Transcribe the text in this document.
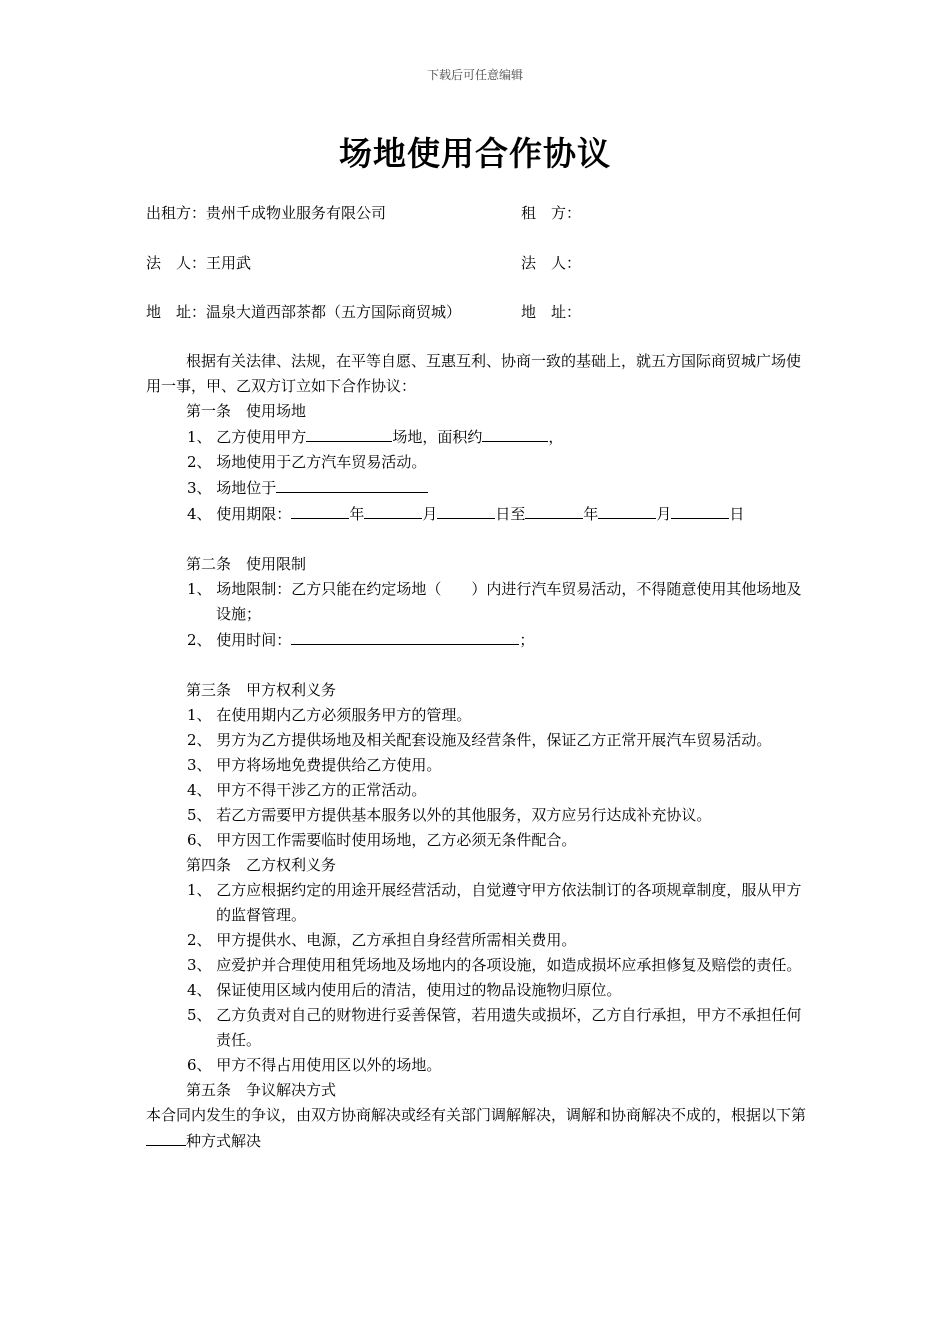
下载后可任意编辑
场地使用合作协议
出租方：贵州千成物业服务有限公司	租　方：
法　人：王用武	法　人：
地　址：温泉大道西部茶都（五方国际商贸城）	地　址：

根据有关法律、法规，在平等自愿、互惠互利、协商一致的基础上，就五方国际商贸城广场使用一事，甲、乙双方订立如下合作协议：

第一条　使用场地

1、 乙方使用甲方	场地，面积约	，

2、 场地使用于乙方汽车贸易活动。

3、 场地位于

4、 使用期限：	年	月	日至	年	月	日

第二条　使用限制

1、 场地限制：乙方只能在约定场地（　　）内进行汽车贸易活动，不得随意使用其他场地及设施；

2、 使用时间：	；

第三条　甲方权利义务

1、 在使用期内乙方必须服务甲方的管理。

2、 男方为乙方提供场地及相关配套设施及经营条件，保证乙方正常开展汽车贸易活动。

3、 甲方将场地免费提供给乙方使用。

4、 甲方不得干涉乙方的正常活动。

5、 若乙方需要甲方提供基本服务以外的其他服务，双方应另行达成补充协议。

6、 甲方因工作需要临时使用场地，乙方必须无条件配合。

第四条　乙方权利义务

1、 乙方应根据约定的用途开展经营活动，自觉遵守甲方依法制订的各项规章制度，服从甲方的监督管理。

2、 甲方提供水、电源，乙方承担自身经营所需相关费用。

3、 应爱护并合理使用租凭场地及场地内的各项设施，如造成损坏应承担修复及赔偿的责任。

4、 保证使用区域内使用后的清洁，使用过的物品设施物归原位。

5、 乙方负责对自己的财物进行妥善保管，若用遗失或损坏，乙方自行承担，甲方不承担任何责任。

6、 甲方不得占用使用区以外的场地。

第五条　争议解决方式

本合同内发生的争议，由双方协商解决或经有关部门调解解决，调解和协商解决不成的，根据以下第种方式解决
